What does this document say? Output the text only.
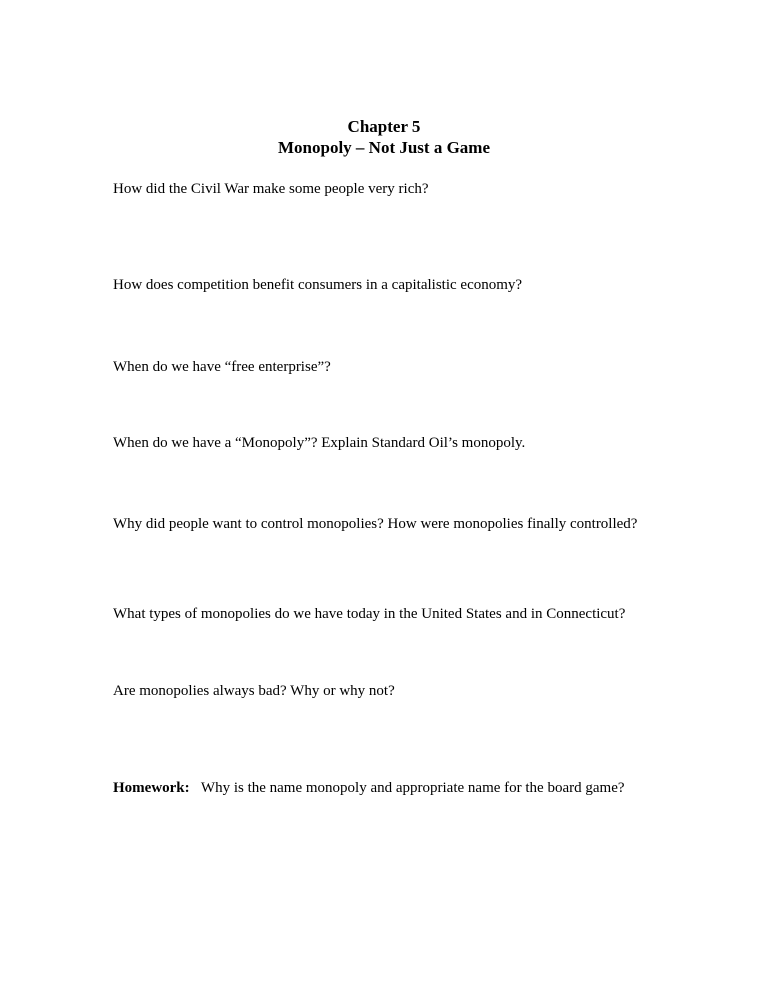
Chapter 5
Monopoly – Not Just a Game
How did the Civil War make some people very rich?
How does competition benefit consumers in a capitalistic economy?
When do we have “free enterprise”?
When do we have a “Monopoly”? Explain Standard Oil’s monopoly.
Why did people want to control monopolies? How were monopolies finally controlled?
What types of monopolies do we have today in the United States and in Connecticut?
Are monopolies always bad? Why or why not?
Homework: Why is the name monopoly and appropriate name for the board game?
